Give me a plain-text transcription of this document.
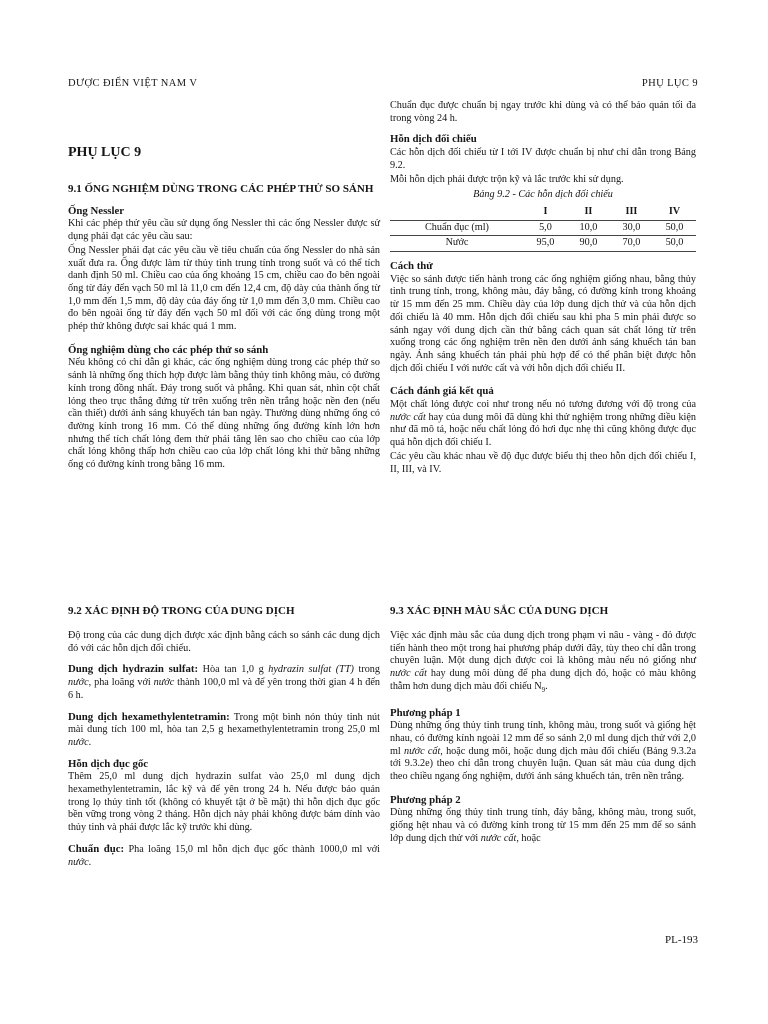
DƯỢC ĐIỂN VIỆT NAM V	PHỤ LỤC 9
PHỤ LỤC 9
9.1 ỐNG NGHIỆM DÙNG TRONG CÁC PHÉP THỬ SO SÁNH
Ống Nessler

Khi các phép thử yêu cầu sử dụng ống Nessler thì các ống Nessler được sử dụng phải đạt các yêu cầu sau:

Ống Nessler phải đạt các yêu cầu về tiêu chuẩn của ống Nessler do nhà sản xuất đưa ra. Ống được làm từ thủy tinh trung tính trong suốt và có thể tích danh định 50 ml. Chiều cao của ống khoảng 15 cm, chiều cao đo bên ngoài ống từ đáy đến vạch 50 ml là 11,0 cm đến 12,4 cm, độ dày của thành ống từ 1,0 mm đến 1,5 mm, độ dày của đáy ống từ 1,0 mm đến 3,0 mm. Chiều cao đo bên ngoài ống từ đáy đến vạch 50 ml đối với các ống dùng trong một phép thử không được sai khác quá 1 mm.

Ống nghiệm dùng cho các phép thử so sánh

Nếu không có chỉ dẫn gì khác, các ống nghiệm dùng trong các phép thử so sánh là những ống thích hợp được làm bằng thủy tinh không màu, có đường kính trong đồng nhất. Đáy trong suốt và phẳng. Khi quan sát, nhìn cột chất lỏng theo trục thẳng đứng từ trên xuống trên nền trắng hoặc nền đen (nếu cần thiết) dưới ánh sáng khuyếch tán ban ngày. Thường dùng những ống có đường kính trong 16 mm. Có thể dùng những ống đường kính lớn hơn nhưng thể tích chất lỏng đem thử phải tăng lên sao cho chiều cao của lớp chất lỏng không thấp hơn chiều cao của lớp chất lỏng khi thử bằng những ống có đường kính trong bằng 16 mm.

Chuẩn đục được chuẩn bị ngay trước khi dùng và có thể bảo quản tối đa trong vòng 24 h.

Hỗn dịch đối chiếu

Các hỗn dịch đối chiếu từ I tới IV được chuẩn bị như chỉ dẫn trong Bảng 9.2.

Mỗi hỗn dịch phải được trộn kỹ và lắc trước khi sử dụng.

Bảng 9.2 - Các hỗn dịch đối chiếu
	I	II	III	IV
Chuẩn đục (ml)	5,0	10,0	30,0	50,0
Nước	95,0	90,0	70,0	50,0
Cách thử

Việc so sánh được tiến hành trong các ống nghiệm giống nhau, bằng thủy tinh trung tính, trong, không màu, đáy bằng, có đường kính trong khoảng từ 15 mm đến 25 mm. Chiều dày của lớp dung dịch thử và của hỗn dịch đối chiếu là 40 mm. Hỗn dịch đối chiếu sau khi pha 5 min phải được so sánh ngay với dung dịch cần thử bằng cách quan sát chất lỏng từ trên xuống trong các ống nghiệm trên nền đen dưới ánh sáng khuếch tán ban ngày. Ánh sáng khuếch tán phải phù hợp để có thể phân biệt được hỗn dịch đối chiếu I với nước cất và với hỗn dịch đối chiếu II.

Cách đánh giá kết quả

Một chất lỏng được coi như trong nếu nó tương đương với độ trong của nước cất hay của dung môi đã dùng khi thử nghiệm trong những điều kiện như đã mô tả, hoặc nếu chất lỏng đó hơi đục nhẹ thì cũng không được đục quá hỗn dịch đối chiếu I.

Các yêu cầu khác nhau về độ đục được biểu thị theo hỗn dịch đối chiếu I, II, III, và IV.

9.2 XÁC ĐỊNH ĐỘ TRONG CỦA DUNG DỊCH

Độ trong của các dung dịch được xác định bằng cách so sánh các dung dịch đó với các hỗn dịch đối chiếu.

Dung dịch hydrazin sulfat: Hòa tan 1,0 g hydrazin sulfat (TT) trong nước, pha loãng với nước thành 100,0 ml và để yên trong thời gian 4 h đến 6 h.

Dung dịch hexamethylentetramin: Trong một bình nón thủy tinh nút mài dung tích 100 ml, hòa tan 2,5 g hexamethylentetramin trong 25,0 ml nước.

Hỗn dịch đục gốc

Thêm 25,0 ml dung dịch hydrazin sulfat vào 25,0 ml dung dịch hexamethylentetramin, lắc kỹ và để yên trong 24 h. Nếu được bảo quản trong lọ thủy tinh tốt (không có khuyết tật ở bề mặt) thì hỗn dịch đục gốc bền vững trong vòng 2 tháng. Hỗn dịch này phải không được bám dính vào thủy tinh và phải được lắc kỹ trước khi dùng.

Chuẩn đục: Pha loãng 15,0 ml hỗn dịch đục gốc thành 1000,0 ml với nước.

9.3 XÁC ĐỊNH MÀU SẮC CỦA DUNG DỊCH

Việc xác định màu sắc của dung dịch trong phạm vi nâu - vàng - đỏ được tiến hành theo một trong hai phương pháp dưới đây, tùy theo chỉ dẫn trong chuyên luận. Một dung dịch được coi là không màu nếu nó giống như nước cất hay dung môi dùng để pha dung dịch đó, hoặc có màu không thẫm hơn dung dịch màu đối chiếu $N_9$.

Phương pháp 1

Dùng những ống thủy tinh trung tính, không màu, trong suốt và giống hệt nhau, có đường kính ngoài 12 mm để so sánh 2,0 ml dung dịch thử với 2,0 ml nước cất, hoặc dung môi, hoặc dung dịch màu đối chiếu (Bảng 9.3.2a tới 9.3.2e) theo chỉ dẫn trong chuyên luận. Quan sát màu của dung dịch theo chiều ngang ống nghiệm, dưới ánh sáng khuếch tán, trên nền trắng.

Phương pháp 2

Dùng những ống thủy tinh trung tính, đáy bằng, không màu, trong suốt, giống hệt nhau và có đường kính trong từ 15 mm đến 25 mm để so sánh lớp dung dịch thử với nước cất, hoặc

PL-193
